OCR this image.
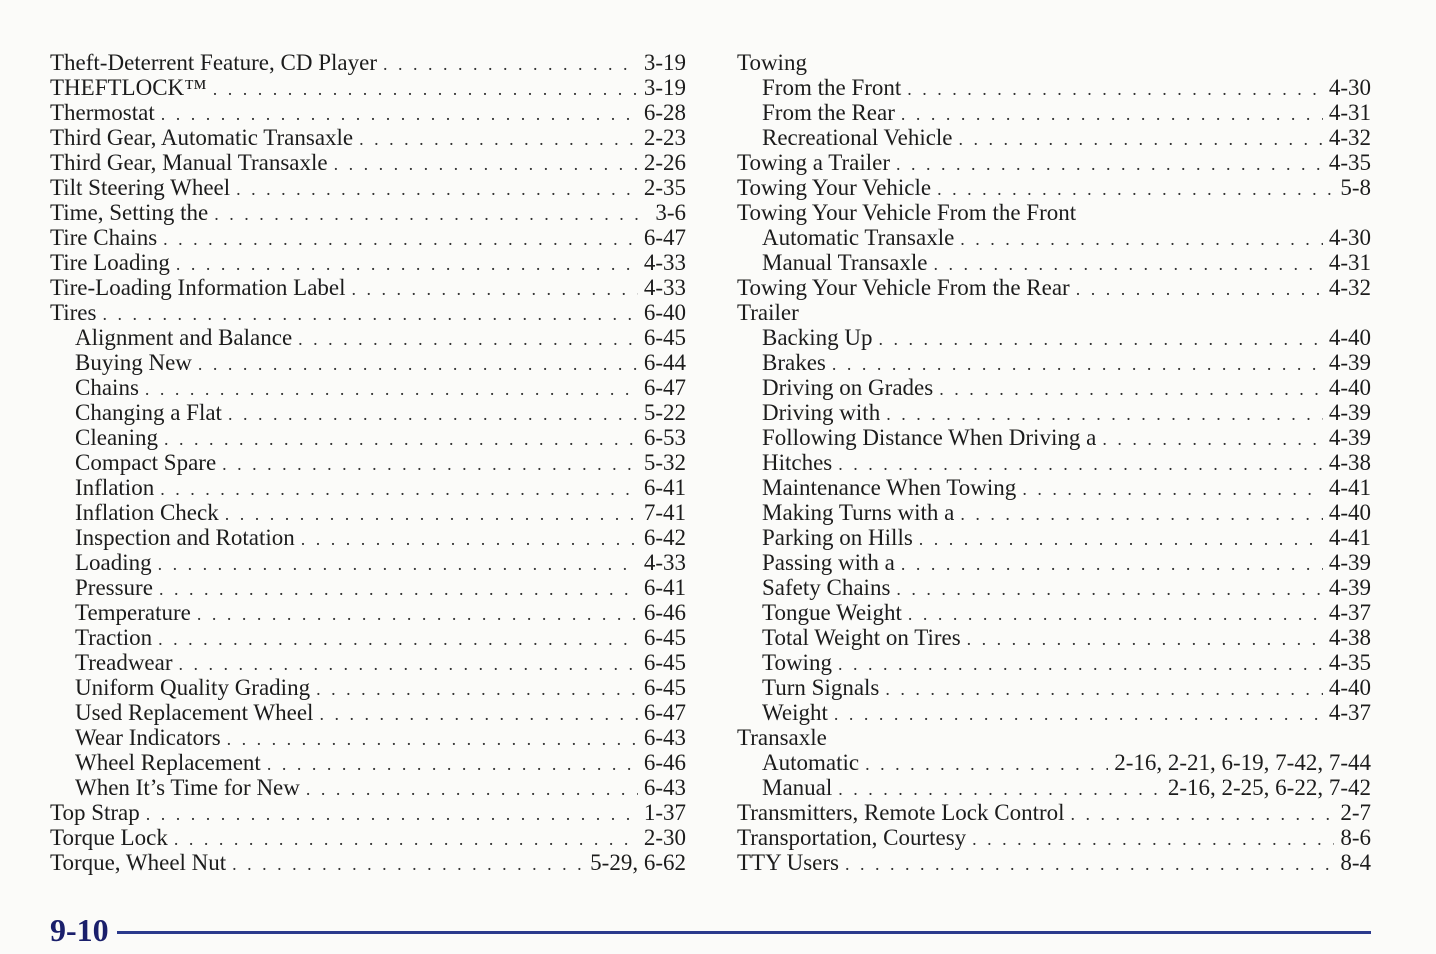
Theft-Deterrent Feature, CD Player . . .	3-19
THEFTLOCK™ . . .	3-19
Thermostat . . .	6-28
Third Gear, Automatic Transaxle . . .	2-23
Third Gear, Manual Transaxle . . .	2-26
Tilt Steering Wheel . . .	2-35
Time, Setting the . . .	3-6
Tire Chains . . .	6-47
Tire Loading . . .	4-33
Tire-Loading Information Label . . .	4-33
Tires . . .	6-40
Alignment and Balance . . .	6-45
Buying New . . .	6-44
Chains . . .	6-47
Changing a Flat . . .	5-22
Cleaning . . .	6-53
Compact Spare . . .	5-32
Inflation . . .	6-41
Inflation Check . . .	7-41
Inspection and Rotation . . .	6-42
Loading . . .	4-33
Pressure . . .	6-41
Temperature . . .	6-46
Traction . . .	6-45
Treadwear . . .	6-45
Uniform Quality Grading . . .	6-45
Used Replacement Wheel . . .	6-47
Wear Indicators . . .	6-43
Wheel Replacement . . .	6-46
When It’s Time for New . . .	6-43
Top Strap . . .	1-37
Torque Lock . . .	2-30
Torque, Wheel Nut . . .	5-29, 6-62
Towing
From the Front . . .	4-30
From the Rear . . .	4-31
Recreational Vehicle . . .	4-32
Towing a Trailer . . .	4-35
Towing Your Vehicle . . .	5-8
Towing Your Vehicle From the Front
Automatic Transaxle . . .	4-30
Manual Transaxle . . .	4-31
Towing Your Vehicle From the Rear . . .	4-32
Trailer
Backing Up . . .	4-40
Brakes . . .	4-39
Driving on Grades . . .	4-40
Driving with . . .	4-39
Following Distance When Driving a . . .	4-39
Hitches . . .	4-38
Maintenance When Towing . . .	4-41
Making Turns with a . . .	4-40
Parking on Hills . . .	4-41
Passing with a . . .	4-39
Safety Chains . . .	4-39
Tongue Weight . . .	4-37
Total Weight on Tires . . .	4-38
Towing . . .	4-35
Turn Signals . . .	4-40
Weight . . .	4-37
Transaxle
Automatic . . .	2-16, 2-21, 6-19, 7-42, 7-44
Manual . . .	2-16, 2-25, 6-22, 7-42
Transmitters, Remote Lock Control . . .	2-7
Transportation, Courtesy . . .	8-6
TTY Users . . .	8-4
9-10
